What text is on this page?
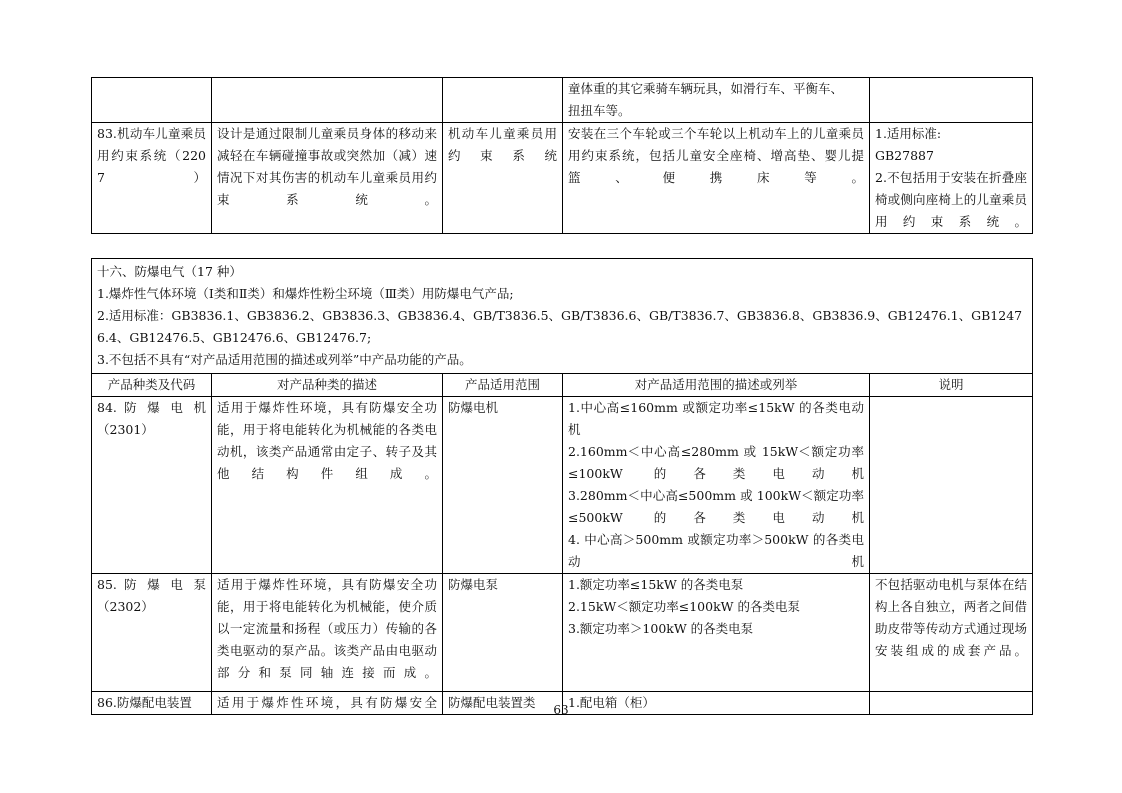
			童体重的其它乘骑车辆玩具，如滑行车、平衡车、
扭扭车等。	

83.机动车儿童乘员用约束系统（2207）	设计是通过限制儿童乘员身体的移动来减轻在车辆碰撞事故或突然加（减）速情况下对其伤害的机动车儿童乘员用约束系统。	机动车儿童乘员用约束系统	安装在三个车轮或三个车轮以上机动车上的儿童乘员用约束系统，包括儿童安全座椅、增高垫、婴儿提篮、便携床等。	1.适用标准:
GB27887
2.不包括用于安装在折叠座椅或侧向座椅上的儿童乘员用约束系统。
十六、防爆电气（17 种）
1.爆炸性气体环境（Ⅰ类和Ⅱ类）和爆炸性粉尘环境（Ⅲ类）用防爆电气产品;
2.适用标准：GB3836.1、GB3836.2、GB3836.3、GB3836.4、GB/T3836.5、GB/T3836.6、GB/T3836.7、GB3836.8、GB3836.9、GB12476.1、GB12476.4、GB12476.5、GB12476.6、GB12476.7;
3.不包括不具有“对产品适用范围的描述或列举”中产品功能的产品。				

产品种类及代码	对产品种类的描述	产品适用范围	对产品适用范围的描述或列举	说明

84. 防 爆 电 机
（2301）	适用于爆炸性环境，具有防爆安全功能，用于将电能转化为机械能的各类电动机，该类产品通常由定子、转子及其他结构件组成。	防爆电机	1.中心高≤160mm 或额定功率≤15kW 的各类电动机
2.160mm＜中心高≤280mm 或 15kW＜额定功率≤100kW 的各类电动机
3.280mm＜中心高≤500mm 或 100kW＜额定功率≤500kW 的各类电动机
4. 中心高＞500mm 或额定功率＞500kW 的各类电动机	

85. 防 爆 电 泵
（2302）	适用于爆炸性环境，具有防爆安全功能，用于将电能转化为机械能，使介质以一定流量和扬程（或压力）传输的各类电驱动的泵产品。该类产品由电驱动部分和泵同轴连接而成。	防爆电泵	1.额定功率≤15kW 的各类电泵
2.15kW＜额定功率≤100kW 的各类电泵
3.额定功率＞100kW 的各类电泵	不包括驱动电机与泵体在结构上各自独立，两者之间借助皮带等传动方式通过现场安装组成的成套产品。
86.防爆配电装置	适用于爆炸性环境，具有防爆安全	防爆配电装置类	1.配电箱（柜）	

63
